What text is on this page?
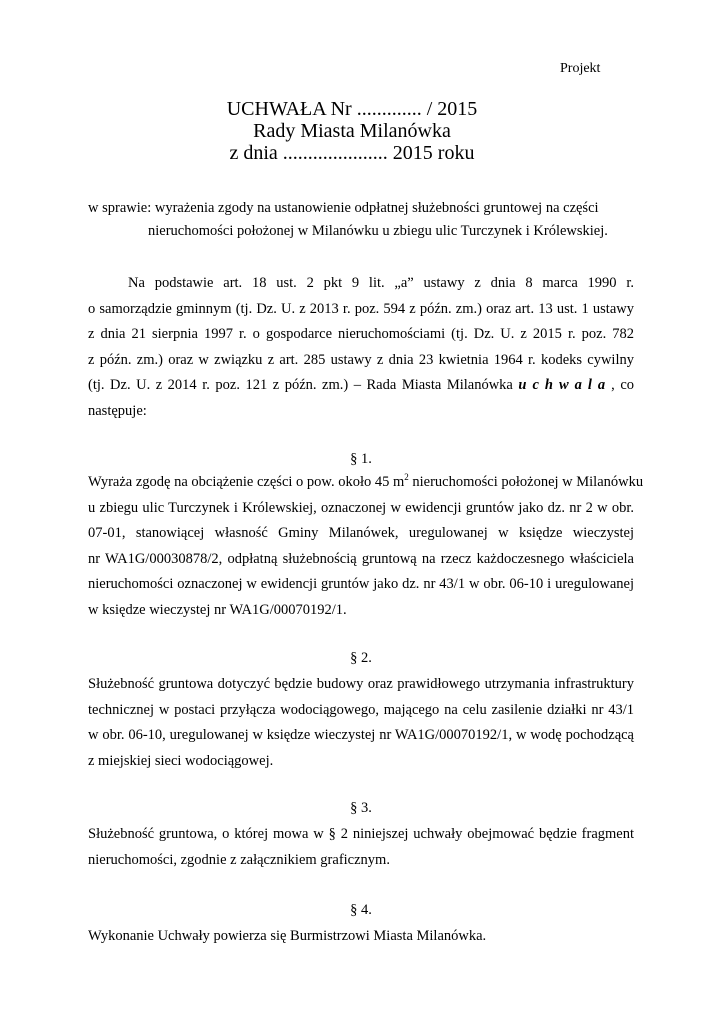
Projekt
UCHWAŁA Nr ............. / 2015
Rady Miasta Milanówka
z dnia ..................... 2015 roku
w sprawie: wyrażenia zgody na ustanowienie odpłatnej służebności gruntowej na części
nieruchomości położonej w Milanówku u zbiegu ulic Turczynek i Królewskiej.
Na podstawie art. 18 ust. 2 pkt 9 lit. „a” ustawy z dnia 8 marca 1990 r.
o samorządzie gminnym (tj. Dz. U. z 2013 r. poz. 594 z późn. zm.) oraz art. 13 ust. 1 ustawy
z dnia 21 sierpnia 1997 r. o gospodarce nieruchomościami (tj. Dz. U. z 2015 r. poz. 782
z późn. zm.) oraz w związku z art. 285 ustawy z dnia 23 kwietnia 1964 r. kodeks cywilny
(tj. Dz. U. z 2014 r. poz. 121 z późn. zm.) – Rada Miasta Milanówka uchwala, co
następuje:
§ 1.
Wyraża zgodę na obciążenie części o pow. około 45 $m^2$ nieruchomości położonej w Milanówku
u zbiegu ulic Turczynek i Królewskiej, oznaczonej w ewidencji gruntów jako dz. nr 2 w obr.
07-01, stanowiącej własność Gminy Milanówek, uregulowanej w księdze wieczystej
nr WA1G/00030878/2, odpłatną służebnością gruntową na rzecz każdoczesnego właściciela
nieruchomości oznaczonej w ewidencji gruntów jako dz. nr 43/1 w obr. 06-10 i uregulowanej
w księdze wieczystej nr WA1G/00070192/1.
§ 2.
Służebność gruntowa dotyczyć będzie budowy oraz prawidłowego utrzymania infrastruktury
technicznej w postaci przyłącza wodociągowego, mającego na celu zasilenie działki nr 43/1
w obr. 06-10, uregulowanej w księdze wieczystej nr WA1G/00070192/1, w wodę pochodzącą
z miejskiej sieci wodociągowej.
§ 3.
Służebność gruntowa, o której mowa w § 2 niniejszej uchwały obejmować będzie fragment
nieruchomości, zgodnie z załącznikiem graficznym.
§ 4.
Wykonanie Uchwały powierza się Burmistrzowi Miasta Milanówka.
